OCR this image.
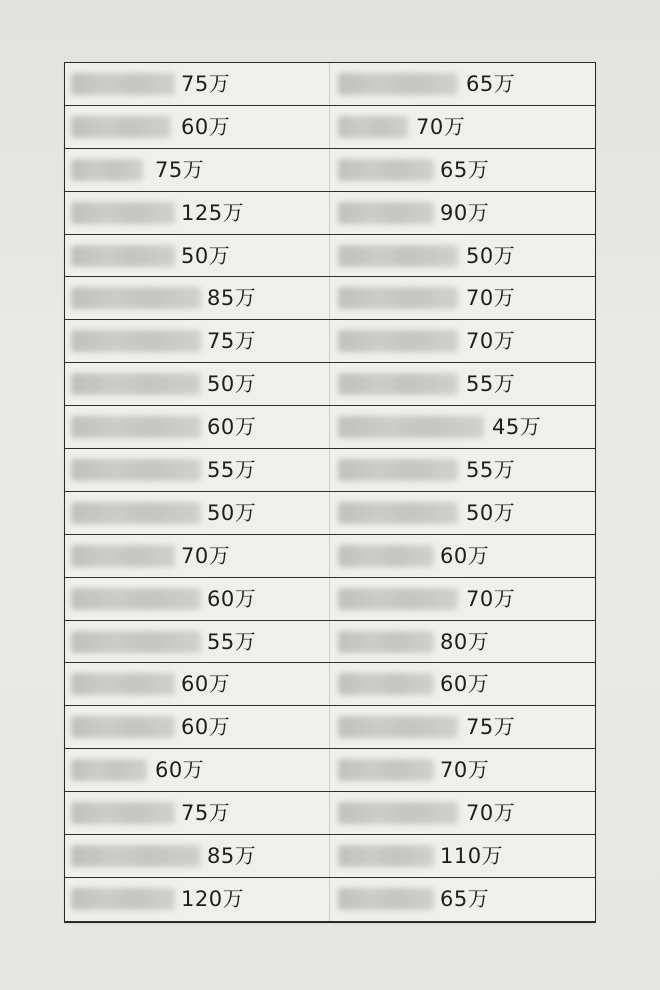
75万	65万
60万	70万
75万	65万
125万	90万
50万	50万
85万	70万
75万	70万
50万	55万
60万	45万
55万	55万
50万	50万
70万	60万
60万	70万
55万	80万
60万	60万
60万	75万
60万	70万
75万	70万
85万	110万
120万	65万
